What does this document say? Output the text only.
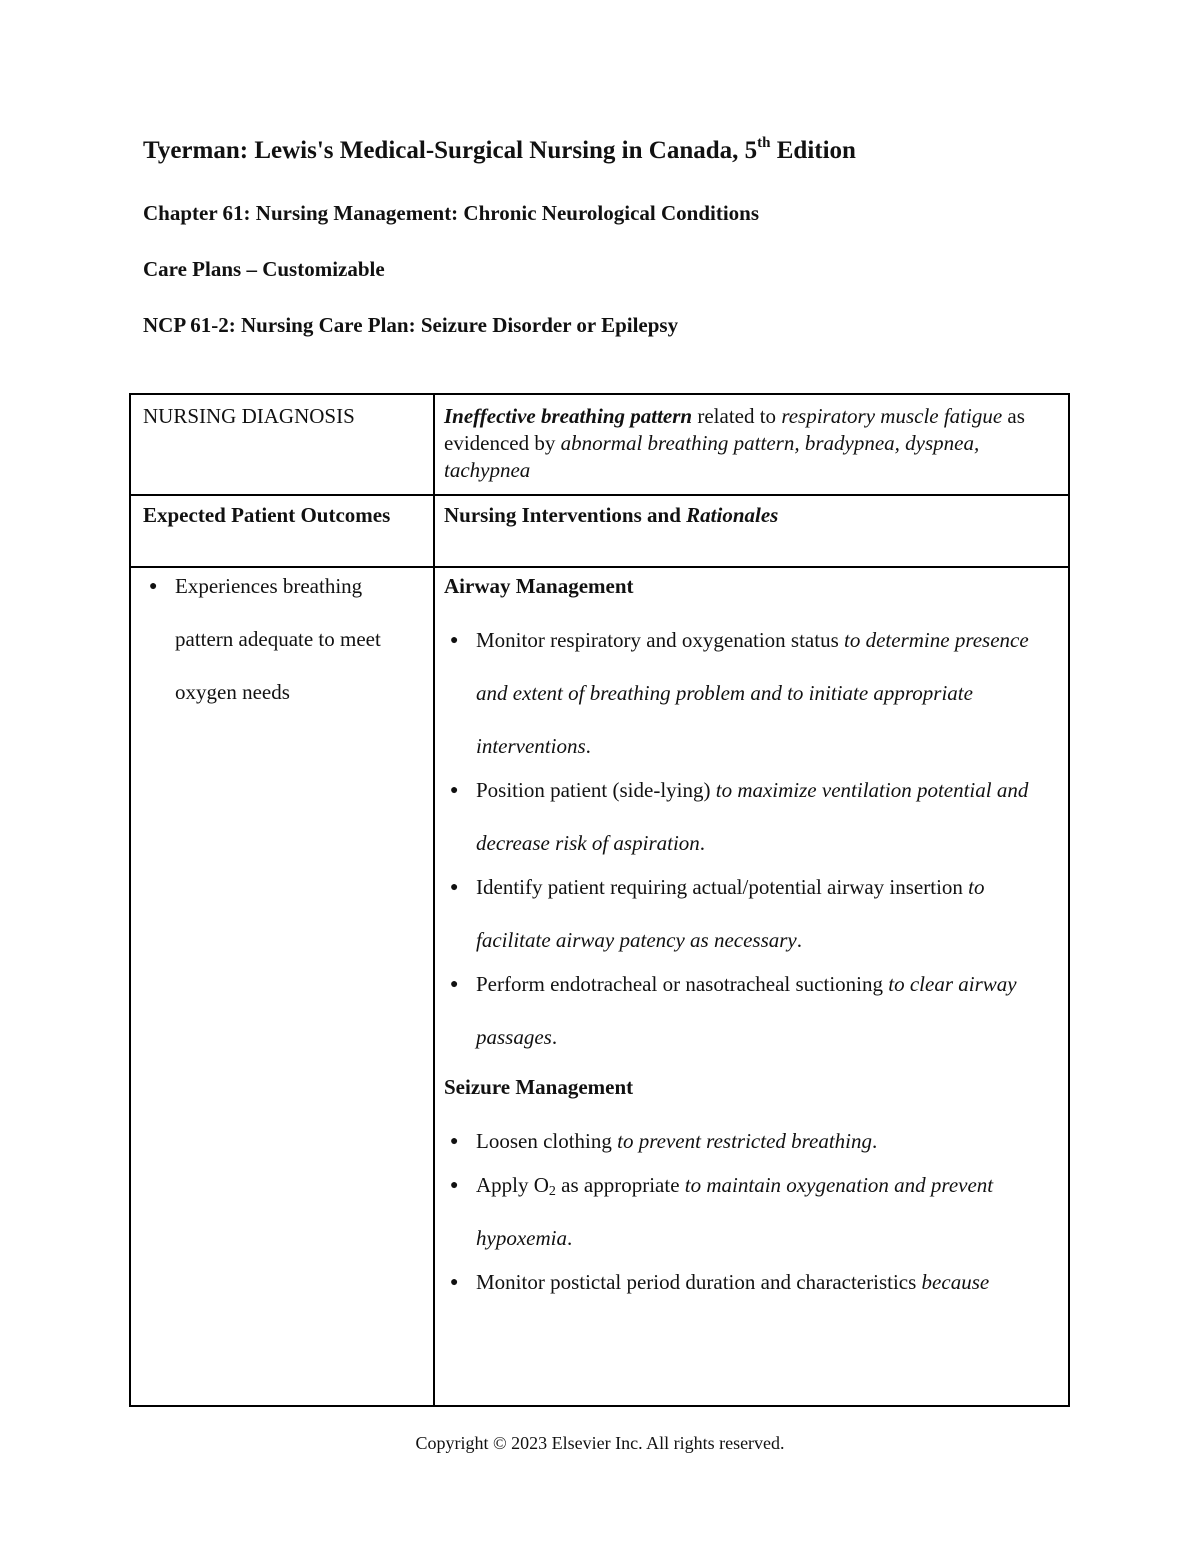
Tyerman: Lewis's Medical-Surgical Nursing in Canada, 5th Edition
Chapter 61: Nursing Management: Chronic Neurological Conditions
Care Plans – Customizable
NCP 61-2: Nursing Care Plan: Seizure Disorder or Epilepsy
NURSING DIAGNOSIS	Ineffective breathing pattern related to respiratory muscle fatigue as evidenced by abnormal breathing pattern, bradypnea, dyspnea, tachypnea
Expected Patient Outcomes	Nursing Interventions and Rationales
● Experiences breathing pattern adequate to meet oxygen needs
Airway Management
● Monitor respiratory and oxygenation status to determine presence and extent of breathing problem and to initiate appropriate interventions.
● Position patient (side-lying) to maximize ventilation potential and decrease risk of aspiration.
● Identify patient requiring actual/potential airway insertion to facilitate airway patency as necessary.
● Perform endotracheal or nasotracheal suctioning to clear airway passages.
Seizure Management
● Loosen clothing to prevent restricted breathing.
● Apply $O_2$ as appropriate to maintain oxygenation and prevent hypoxemia.
● Monitor postictal period duration and characteristics because
Copyright © 2023 Elsevier Inc. All rights reserved.
